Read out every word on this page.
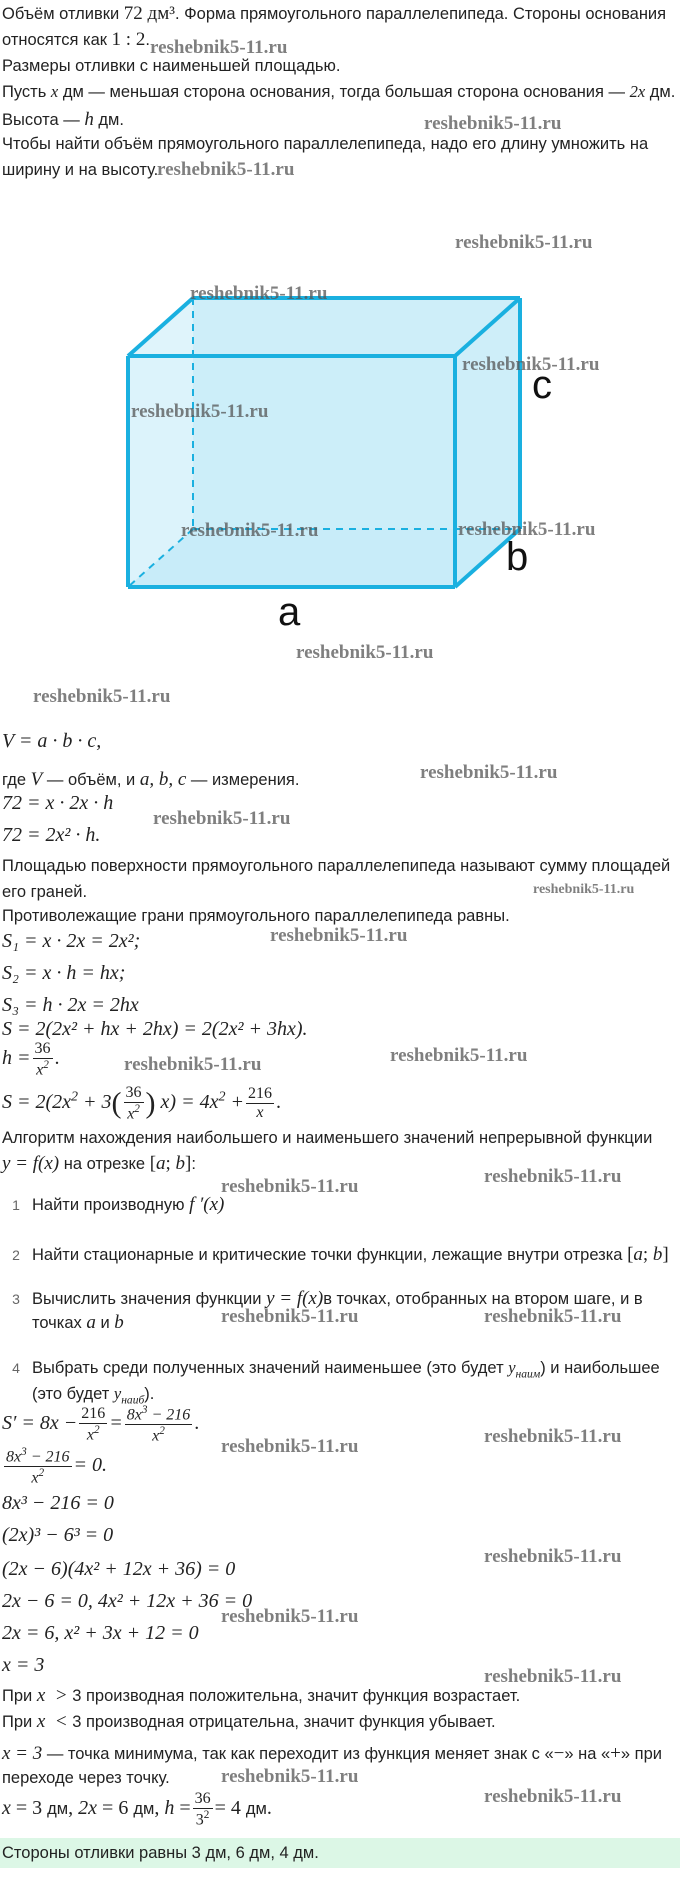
Объём отливки 72 дм³. Форма прямоугольного параллелепипеда. Стороны основания
относятся как 1 : 2.
Размеры отливки с наименьшей площадью.
Пусть x дм — меньшая сторона основания, тогда большая сторона основания — 2x дм.
Высота — h дм.
Чтобы найти объём прямоугольного параллелепипеда, надо его длину умножить на
ширину и на высоту.
a
b
c
V = a · b · c,
где V — объём, и a, b, c — измерения.
72 = x · 2x · h
72 = 2x² · h.
Площадью поверхности прямоугольного параллелепипеда называют сумму площадей
его граней.
Противолежащие грани прямоугольного параллелепипеда равны.
S₁ = x · 2x = 2x²;
S₂ = x · h = hx;
S₃ = h · 2x = 2hx
S = 2(2x² + hx + 2hx) = 2(2x² + 3hx).
$h = \frac{36}{x^2}$ .
$S = 2(2x^2 + 3( \frac{36}{x^2}$ ) $x) = 4x^2 + \frac{216}{x}$ .
Алгоритм нахождения наибольшего и наименьшего значений непрерывной функции
y = f(x) на отрезке [a; b]:
1 Найти производную f ′(x)
2 Найти стационарные и критические точки функции, лежащие внутри отрезка [a; b]
3 Вычислить значения функции y = f(x)в точках, отобранных на втором шаге, и в
точках a и b
4 Выбрать среди полученных значений наименьшее (это будет $y_{наим}$) и наибольшее
(это будет $y_{наиб}$).
$S' = 8x - \frac{216}{x^2} = \frac{8x^3 - 216}{x^2}$ .
$\frac{8x^3 - 216}{x^2} = 0$.
8x³ − 216 = 0
(2x)³ − 6³ = 0
(2x − 6)(4x² + 12x + 36) = 0
2x − 6 = 0, 4x² + 12x + 36 = 0
2x = 6, x² + 3x + 12 = 0
x = 3
При x  > 3 производная положительна, значит функция возрастает.
При x  < 3 производная отрицательна, значит функция убывает.
x = 3 — точка минимума, так как переходит из функция меняет знак с «−» на «+» при
переходе через точку.
x = 3 дм, 2x = 6 дм, $h = \frac{36}{3^2} = 4$ дм.
Стороны отливки равны 3 дм, 6 дм, 4 дм.
reshebnik5-11.ru
reshebnik5-11.ru
reshebnik5-11.ru
reshebnik5-11.ru
reshebnik5-11.ru
reshebnik5-11.ru
reshebnik5-11.ru
reshebnik5-11.ru	reshebnik5-11.ru
reshebnik5-11.ru
reshebnik5-11.ru
reshebnik5-11.ru
reshebnik5-11.ru
reshebnik5-11.ru
reshebnik5-11.ru
reshebnik5-11.ru
reshebnik5-11.ru
reshebnik5-11.ru
reshebnik5-11.ru
reshebnik5-11.ru
reshebnik5-11.ru
reshebnik5-11.ru
reshebnik5-11.ru
reshebnik5-11.ru
reshebnik5-11.ru
reshebnik5-11.ru
reshebnik5-11.ru
reshebnik5-11.ru
